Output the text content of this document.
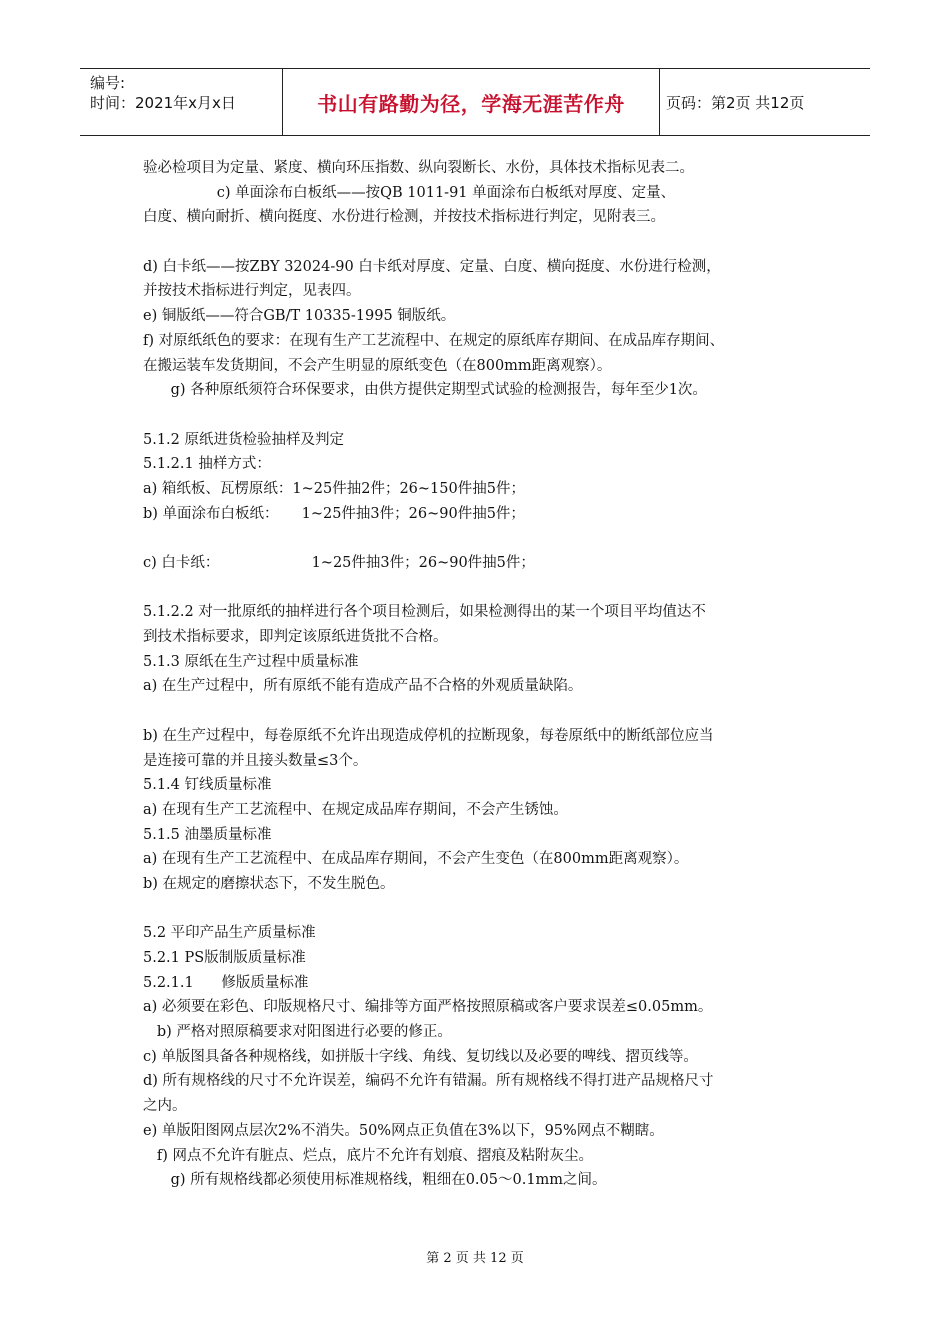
编号:
时间：2021年x月x日	书山有路勤为径，学海无涯苦作舟	页码：第2页 共12页
验必检项目为定量、紧度、横向环压指数、纵向裂断长、水份，具体技术指标见表二。
c) 单面涂布白板纸——按QB 1011-91 单面涂布白板纸对厚度、定量、
白度、横向耐折、横向挺度、水份进行检测，并按技术指标进行判定，见附表三。
d) 白卡纸——按ZBY 32024-90 白卡纸对厚度、定量、白度、横向挺度、水份进行检测，
并按技术指标进行判定，见表四。
e) 铜版纸——符合GB/T 10335-1995 铜版纸。
f) 对原纸纸色的要求：在现有生产工艺流程中、在规定的原纸库存期间、在成品库存期间、
在搬运装车发货期间，不会产生明显的原纸变色（在800mm距离观察）。
g) 各种原纸须符合环保要求，由供方提供定期型式试验的检测报告，每年至少1次。
5.1.2 原纸进货检验抽样及判定
5.1.2.1 抽样方式：
a) 箱纸板、瓦楞原纸：1~25件抽2件；26~150件抽5件；
b) 单面涂布白板纸：     1~25件抽3件；26~90件抽5件；
c) 白卡纸：                    1~25件抽3件；26~90件抽5件；
5.1.2.2 对一批原纸的抽样进行各个项目检测后，如果检测得出的某一个项目平均值达不
到技术指标要求，即判定该原纸进货批不合格。
5.1.3 原纸在生产过程中质量标准
a) 在生产过程中，所有原纸不能有造成产品不合格的外观质量缺陷。
b) 在生产过程中，每卷原纸不允许出现造成停机的拉断现象，每卷原纸中的断纸部位应当
是连接可靠的并且接头数量≤3个。
5.1.4 钉线质量标准
a) 在现有生产工艺流程中、在规定成品库存期间，不会产生锈蚀。
5.1.5 油墨质量标准
a) 在现有生产工艺流程中、在成品库存期间，不会产生变色（在800mm距离观察）。
b) 在规定的磨擦状态下，不发生脱色。
5.2 平印产品生产质量标准
5.2.1 PS版制版质量标准
5.2.1.1      修版质量标准
a) 必须要在彩色、印版规格尺寸、编排等方面严格按照原稿或客户要求误差≤0.05mm。
b) 严格对照原稿要求对阳图进行必要的修正。
c) 单版图具备各种规格线，如拼版十字线、角线、复切线以及必要的啤线、摺页线等。
d) 所有规格线的尺寸不允许误差，编码不允许有错漏。所有规格线不得打进产品规格尺寸
之内。
e) 单版阳图网点层次2%不消失。50%网点正负值在3%以下，95%网点不糊瞎。
f) 网点不允许有脏点、烂点，底片不允许有划痕、摺痕及粘附灰尘。
g) 所有规格线都必须使用标准规格线，粗细在0.05～0.1mm之间。
第 2 页 共 12 页
